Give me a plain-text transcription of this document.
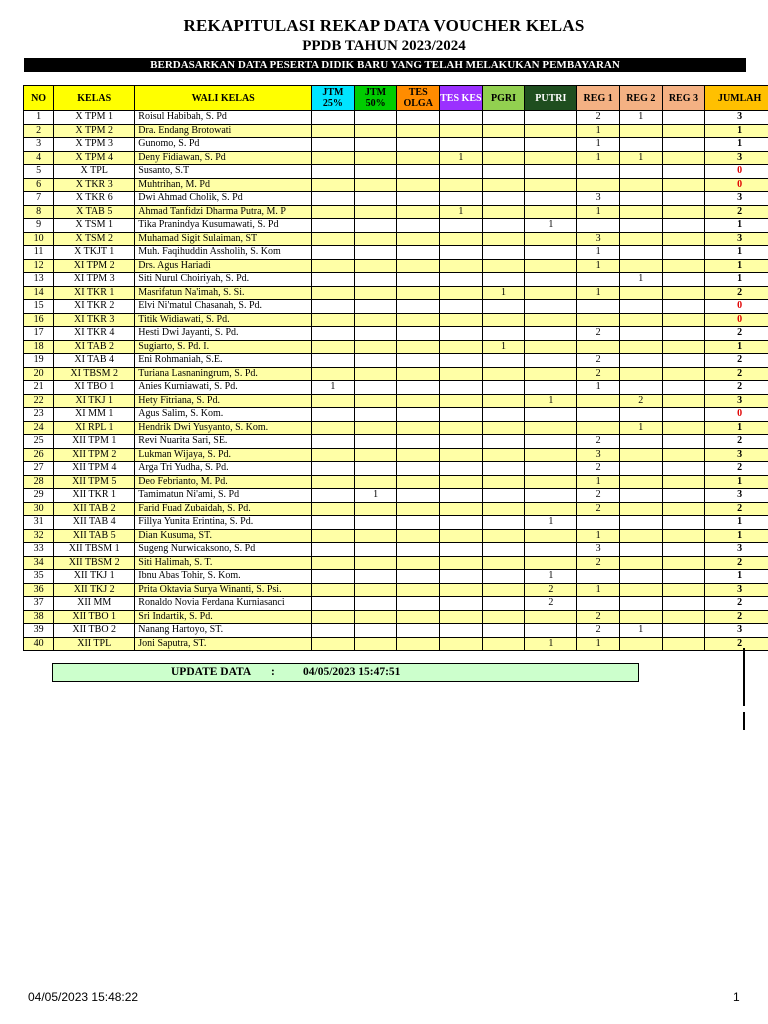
REKAPITULASI REKAP DATA VOUCHER KELAS
PPDB TAHUN 2023/2024
BERDASARKAN DATA PESERTA DIDIK BARU YANG TELAH MELAKUKAN PEMBAYARAN
NO	KELAS	WALI KELAS	JTM 25%	JTM 50%	TES OLGA	TES KES	PGRI	PUTRI	REG 1	REG 2	REG 3	JUMLAH
1	X TPM 1	Roisul Habibah, S. Pd							2	1		3
2	X TPM 2	Dra. Endang Brotowati							1			1
3	X TPM 3	Gunomo, S. Pd							1			1
4	X TPM 4	Deny Fidiawan, S. Pd				1			1	1		3
5	X TPL	Susanto, S.T										0
6	X TKR 3	Muhtrihan, M. Pd										0
7	X TKR 6	Dwi Ahmad Cholik, S. Pd							3			3
8	X TAB 5	Ahmad Tanfidzi Dharma Putra, M. P				1			1			2
9	X TSM 1	Tika Pranindya Kusumawati, S. Pd						1				1
10	X TSM 2	Muhamad Sigit Sulaiman, ST							3			3
11	X TKJT 1	Muh. Faqihuddin Assholih, S. Kom							1			1
12	XI TPM 2	Drs. Agus Hariadi							1			1
13	XI TPM 3	Siti Nurul Choiriyah, S. Pd.								1		1
14	XI TKR 1	Masrifatun Na'imah, S. Si.					1		1			2
15	XI TKR 2	Elvi Ni'matul Chasanah, S. Pd.										0
16	XI TKR 3	Titik Widiawati, S. Pd.										0
17	XI TKR 4	Hesti Dwi Jayanti, S. Pd.							2			2
18	XI TAB 2	Sugiarto, S. Pd. I.					1					1
19	XI TAB 4	Eni Rohmaniah, S.E.							2			2
20	XI TBSM 2	Turiana Lasnaningrum, S. Pd.							2			2
21	XI TBO 1	Anies Kurniawati, S. Pd.	1						1			2
22	XI TKJ 1	Hety Fitriana, S. Pd.						1		2		3
23	XI MM 1	Agus Salim, S. Kom.										0
24	XI RPL 1	Hendrik Dwi Yusyanto, S. Kom.								1		1
25	XII TPM 1	Revi Nuarita Sari, SE.							2			2
26	XII TPM 2	Lukman Wijaya, S. Pd.							3			3
27	XII TPM 4	Arga Tri Yudha, S. Pd.							2			2
28	XII TPM 5	Deo Febrianto, M. Pd.							1			1
29	XII TKR 1	Tamimatun Ni'ami, S. Pd		1					2			3
30	XII TAB 2	Farid Fuad Zubaidah, S. Pd.							2			2
31	XII TAB 4	Fillya Yunita Erintina, S. Pd.						1				1
32	XII TAB 5	Dian Kusuma, ST.							1			1
33	XII TBSM 1	Sugeng Nurwicaksono, S. Pd							3			3
34	XII TBSM 2	Siti Halimah, S. T.							2			2
35	XII TKJ 1	Ibnu Abas Tohir, S. Kom.						1				1
36	XII TKJ 2	Prita Oktavia Surya Winanti, S. Psi.						2	1			3
37	XII MM	Ronaldo Novia Ferdana Kurniasanci						2				2
38	XII TBO 1	Sri Indartik, S. Pd.							2			2
39	XII TBO 2	Nanang Hartoyo, ST.							2	1		3
40	XII TPL	Joni Saputra, ST.						1	1			2
UPDATE DATA : 04/05/2023 15:47:51
04/05/2023 15:48:22	1
